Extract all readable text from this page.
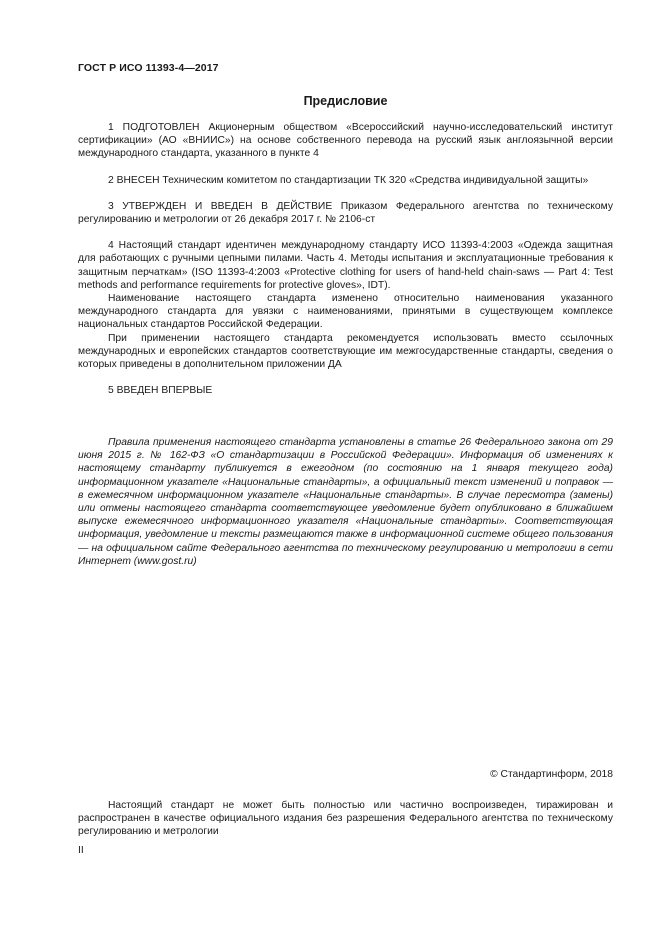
ГОСТ Р ИСО 11393-4—2017
Предисловие

1 ПОДГОТОВЛЕН Акционерным обществом «Всероссийский научно-исследовательский институт сертификации» (АО «ВНИИС») на основе собственного перевода на русский язык англоязычной версии международного стандарта, указанного в пункте 4

2 ВНЕСЕН Техническим комитетом по стандартизации ТК 320 «Средства индивидуальной защиты»

3 УТВЕРЖДЕН И ВВЕДЕН В ДЕЙСТВИЕ Приказом Федерального агентства по техническому регулированию и метрологии от 26 декабря 2017 г. № 2106-ст

4 Настоящий стандарт идентичен международному стандарту ИСО 11393-4:2003 «Одежда защитная для работающих с ручными цепными пилами. Часть 4. Методы испытания и эксплуатационные требования к защитным перчаткам» (ISO 11393-4:2003 «Protective clothing for users of hand-held chain-saws — Part 4: Test methods and performance requirements for protective gloves», IDT).

Наименование настоящего стандарта изменено относительно наименования указанного международного стандарта для увязки с наименованиями, принятыми в существующем комплексе национальных стандартов Российской Федерации.

При применении настоящего стандарта рекомендуется использовать вместо ссылочных международных и европейских стандартов соответствующие им межгосударственные стандарты, сведения о которых приведены в дополнительном приложении ДА

5 ВВЕДЕН ВПЕРВЫЕ

Правила применения настоящего стандарта установлены в статье 26 Федерального закона от 29 июня 2015 г. № 162-ФЗ «О стандартизации в Российской Федерации». Информация об изменениях к настоящему стандарту публикуется в ежегодном (по состоянию на 1 января текущего года) информационном указателе «Национальные стандарты», а официальный текст изменений и поправок — в ежемесячном информационном указателе «Национальные стандарты». В случае пересмотра (замены) или отмены настоящего стандарта соответствующее уведомление будет опубликовано в ближайшем выпуске ежемесячного информационного указателя «Национальные стандарты». Соответствующая информация, уведомление и тексты размещаются также в информационной системе общего пользования — на официальном сайте Федерального агентства по техническому регулированию и метрологии в сети Интернет (www.gost.ru)

© Стандартинформ, 2018

Настоящий стандарт не может быть полностью или частично воспроизведен, тиражирован и распространен в качестве официального издания без разрешения Федерального агентства по техническому регулированию и метрологии

II
